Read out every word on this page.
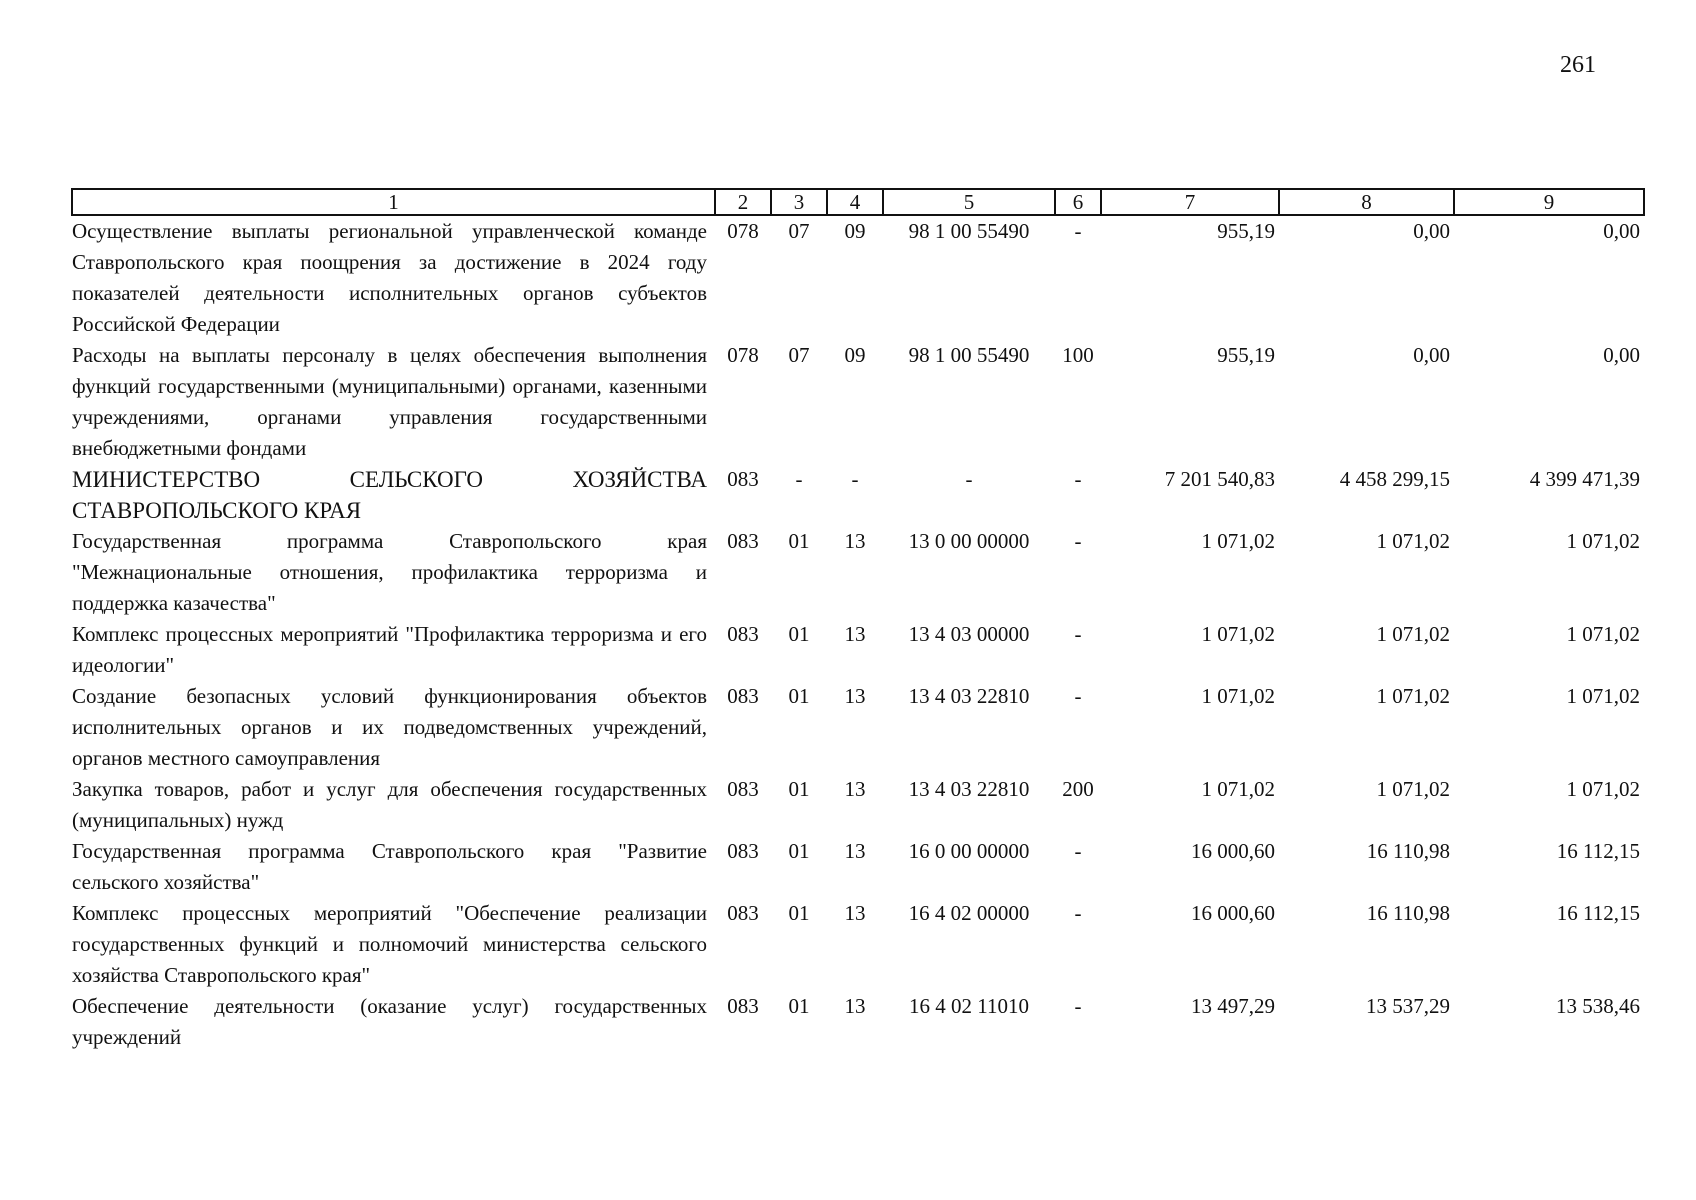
261
1	2	3	4	5	6	7	8	9
Осуществление выплаты региональной управленческой команде Ставропольского края поощрения за достижение в 2024 году показателей деятельности исполнительных органов субъектов Российской Федерации	078	07	09	98 1 00 55490	-	955,19	0,00	0,00
Расходы на выплаты персоналу в целях обеспечения выполнения функций государственными (муниципальными) органами, казенными учреждениями, органами управления государственными внебюджетными фондами	078	07	09	98 1 00 55490	100	955,19	0,00	0,00
МИНИСТЕРСТВО СЕЛЬСКОГО ХОЗЯЙСТВА СТАВРОПОЛЬСКОГО КРАЯ	083	-	-	-	-	7 201 540,83	4 458 299,15	4 399 471,39
Государственная программа Ставропольского края "Межнациональные отношения, профилактика терроризма и поддержка казачества"	083	01	13	13 0 00 00000	-	1 071,02	1 071,02	1 071,02
Комплекс процессных мероприятий "Профилактика терроризма и его идеологии"	083	01	13	13 4 03 00000	-	1 071,02	1 071,02	1 071,02
Создание безопасных условий функционирования объектов исполнительных органов и их подведомственных учреждений, органов местного самоуправления	083	01	13	13 4 03 22810	-	1 071,02	1 071,02	1 071,02
Закупка товаров, работ и услуг для обеспечения государственных (муниципальных) нужд	083	01	13	13 4 03 22810	200	1 071,02	1 071,02	1 071,02
Государственная программа Ставропольского края "Развитие сельского хозяйства"	083	01	13	16 0 00 00000	-	16 000,60	16 110,98	16 112,15
Комплекс процессных мероприятий "Обеспечение реализации государственных функций и полномочий министерства сельского хозяйства Ставропольского края"	083	01	13	16 4 02 00000	-	16 000,60	16 110,98	16 112,15
Обеспечение деятельности (оказание услуг) государственных учреждений	083	01	13	16 4 02 11010	-	13 497,29	13 537,29	13 538,46
